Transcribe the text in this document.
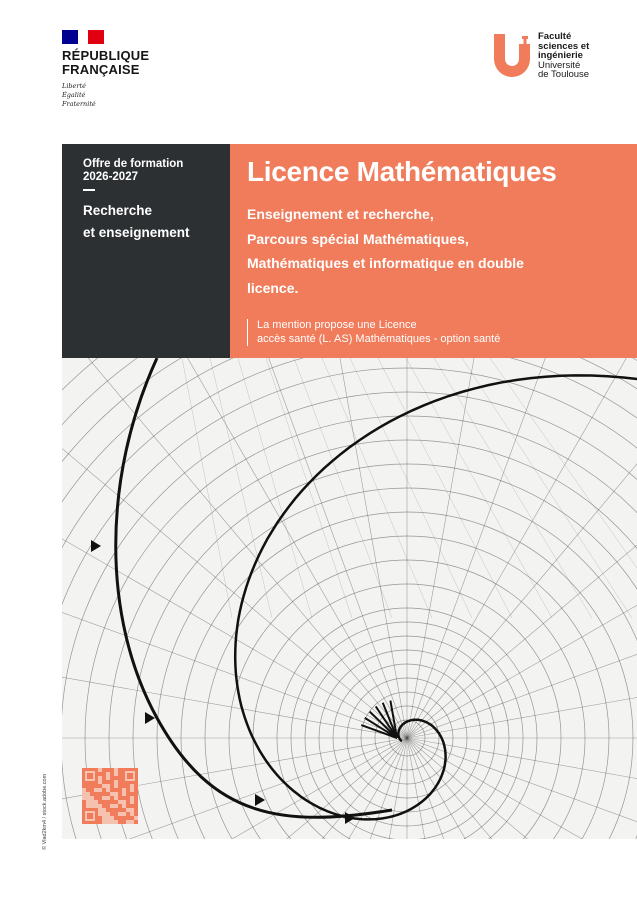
RÉPUBLIQUE
FRANÇAISE
Liberté
Égalité
Fraternité
Faculté
sciences et
ingénierie
Université
de Toulouse
Offre de formation
2026-2027
Recherche
et enseignement
Licence Mathématiques
Enseignement et recherche,
Parcours spécial Mathématiques,
Mathématiques et informatique en double
licence.
La mention propose une Licence
accès santé (L. AS) Mathématiques - option santé
© Vlad2km4 / stock.adobe.com
